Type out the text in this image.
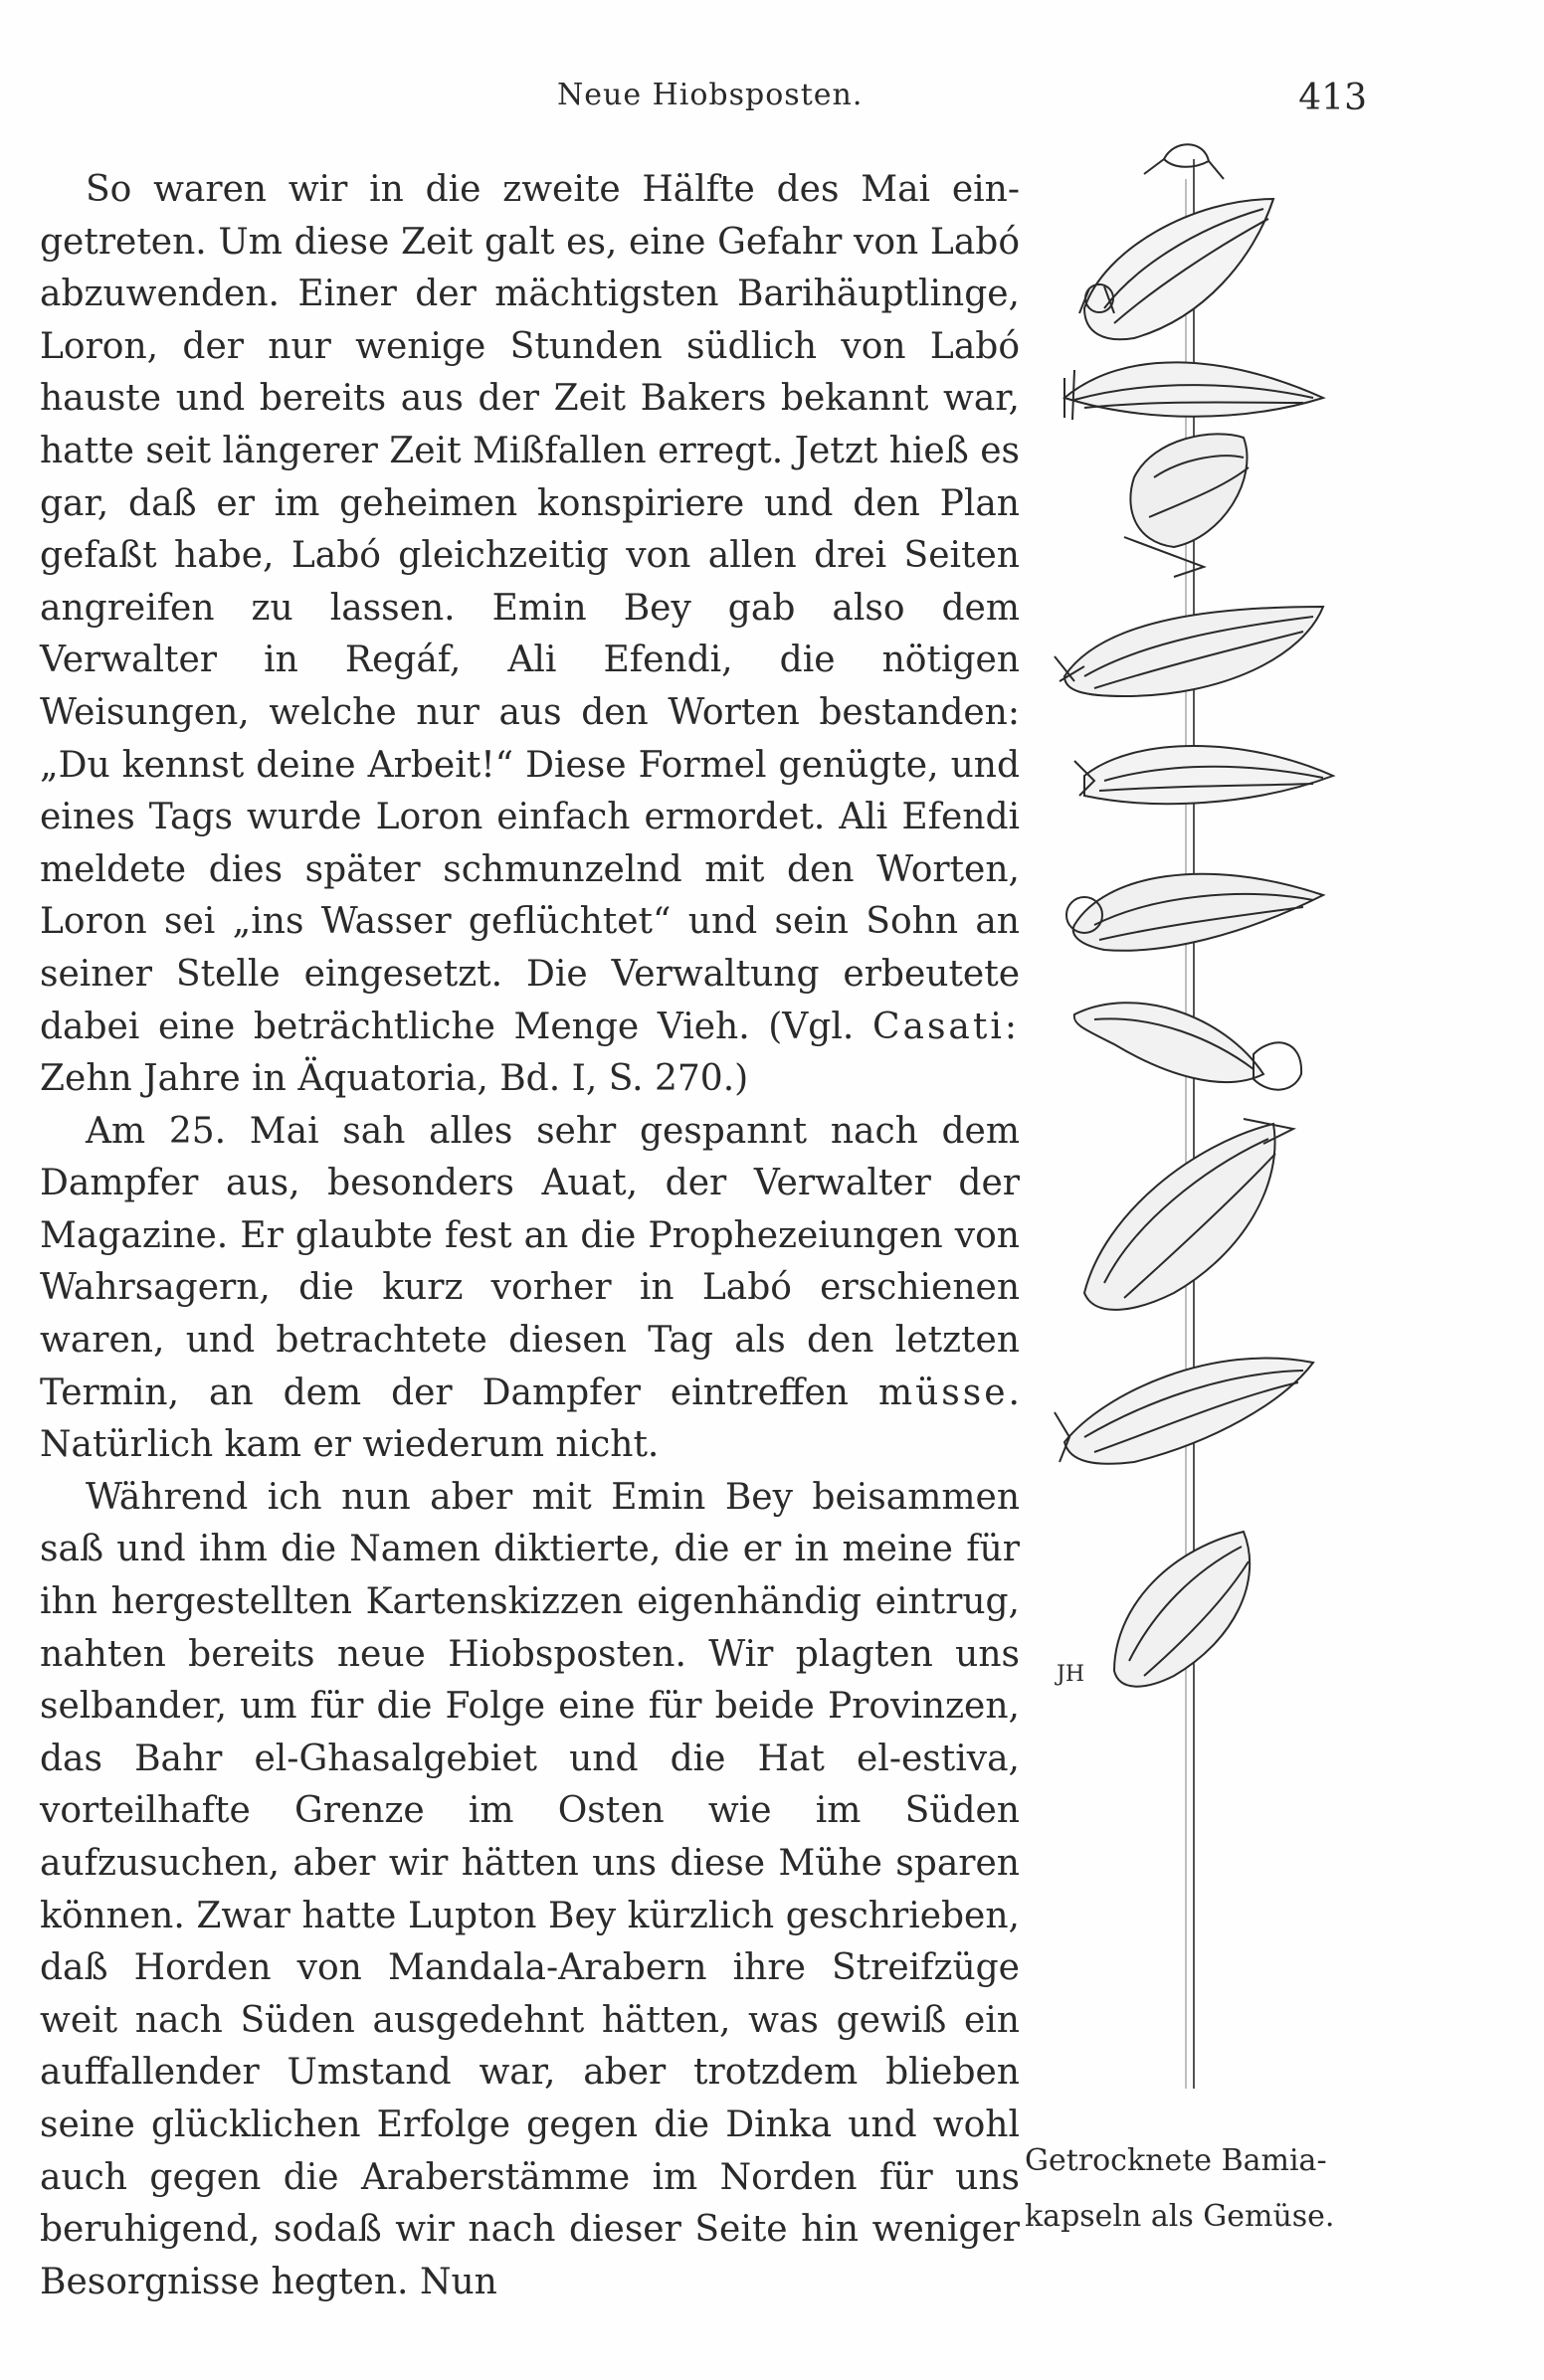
Neue Hiobsposten.	413

So waren wir in die zweite Hälfte des Mai eingetreten. Um diese Zeit galt es, eine Gefahr von Labó abzuwenden. Einer der mächtigsten Barihäuptlinge, Loron, der nur wenige Stunden südlich von Labó hauste und bereits aus der Zeit Bakers bekannt war, hatte seit längerer Zeit Mißfallen erregt. Jetzt hieß es gar, daß er im geheimen konspiriere und den Plan gefaßt habe, Labó gleichzeitig von allen drei Seiten angreifen zu lassen. Emin Bey gab also dem Verwalter in Regáf, Ali Efendi, die nötigen Weisungen, welche nur aus den Worten bestanden: „Du kennst deine Arbeit!“ Diese Formel genügte, und eines Tags wurde Loron einfach ermordet. Ali Efendi meldete dies später schmunzelnd mit den Worten, Loron sei „ins Wasser geflüchtet“ und sein Sohn an seiner Stelle eingesetzt. Die Verwaltung erbeutete dabei eine beträchtliche Menge Vieh. (Vgl. Casati: Zehn Jahre in Äquatoria, Bd. I, S. 270.)

Am 25. Mai sah alles sehr gespannt nach dem Dampfer aus, besonders Auat, der Verwalter der Magazine. Er glaubte fest an die Prophezeiungen von Wahrsagern, die kurz vorher in Labó erschienen waren, und betrachtete diesen Tag als den letzten Termin, an dem der Dampfer eintreffen müsse. Natürlich kam er wiederum nicht.

Während ich nun aber mit Emin Bey beisammen saß und ihm die Namen diktierte, die er in meine für ihn hergestellten Kartenskizzen eigenhändig eintrug, nahten bereits neue Hiobsposten. Wir plagten uns selbander, um für die Folge eine für beide Provinzen, das Bahr el-Ghasalgebiet und die Hat el-estiva, vorteilhafte Grenze im Osten wie im Süden aufzusuchen, aber wir hätten uns diese Mühe sparen können. Zwar hatte Lupton Bey kürzlich geschrieben, daß Horden von Mandala-Arabern ihre Streifzüge weit nach Süden ausgedehnt hätten, was gewiß ein auffallender Umstand war, aber trotzdem blieben seine glücklichen Erfolge gegen die Dinka und wohl auch gegen die Araberstämme im Norden für uns beruhigend, sodaß wir nach dieser Seite hin weniger Besorgnisse hegten. Nun

JH
Getrocknete Bamia-
kapseln als Gemüse.
